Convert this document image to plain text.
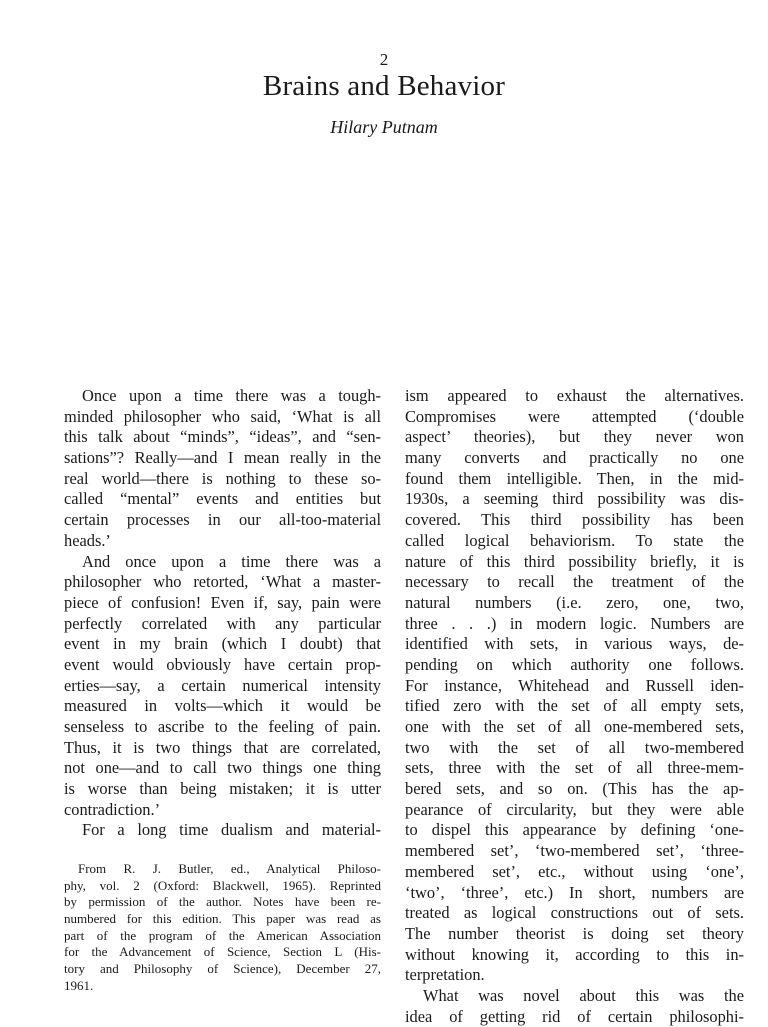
2
Brains and Behavior
Hilary Putnam
Once upon a time there was a tough-
minded philosopher who said, ‘What is all
this talk about “minds”, “ideas”, and “sen-
sations”? Really—and I mean really in the
real world—there is nothing to these so-
called “mental” events and entities but
certain processes in our all-too-material
heads.’
And once upon a time there was a
philosopher who retorted, ‘What a master-
piece of confusion! Even if, say, pain were
perfectly correlated with any particular
event in my brain (which I doubt) that
event would obviously have certain prop-
erties—say, a certain numerical intensity
measured in volts—which it would be
senseless to ascribe to the feeling of pain.
Thus, it is two things that are correlated,
not one—and to call two things one thing
is worse than being mistaken; it is utter
contradiction.’
For a long time dualism and material-
ism appeared to exhaust the alternatives.
Compromises were attempted (‘double
aspect’ theories), but they never won
many converts and practically no one
found them intelligible. Then, in the mid-
1930s, a seeming third possibility was dis-
covered. This third possibility has been
called logical behaviorism. To state the
nature of this third possibility briefly, it is
necessary to recall the treatment of the
natural numbers (i.e. zero, one, two,
three . . .) in modern logic. Numbers are
identified with sets, in various ways, de-
pending on which authority one follows.
For instance, Whitehead and Russell iden-
tified zero with the set of all empty sets,
one with the set of all one-membered sets,
two with the set of all two-membered
sets, three with the set of all three-mem-
bered sets, and so on. (This has the ap-
pearance of circularity, but they were able
to dispel this appearance by defining ‘one-
membered set’, ‘two-membered set’, ‘three-
membered set’, etc., without using ‘one’,
‘two’, ‘three’, etc.) In short, numbers are
treated as logical constructions out of sets.
The number theorist is doing set theory
without knowing it, according to this in-
terpretation.
What was novel about this was the
idea of getting rid of certain philosophi-
From R. J. Butler, ed., Analytical Philoso-
phy, vol. 2 (Oxford: Blackwell, 1965). Reprinted
by permission of the author. Notes have been re-
numbered for this edition. This paper was read as
part of the program of the American Association
for the Advancement of Science, Section L (His-
tory and Philosophy of Science), December 27,
1961.
